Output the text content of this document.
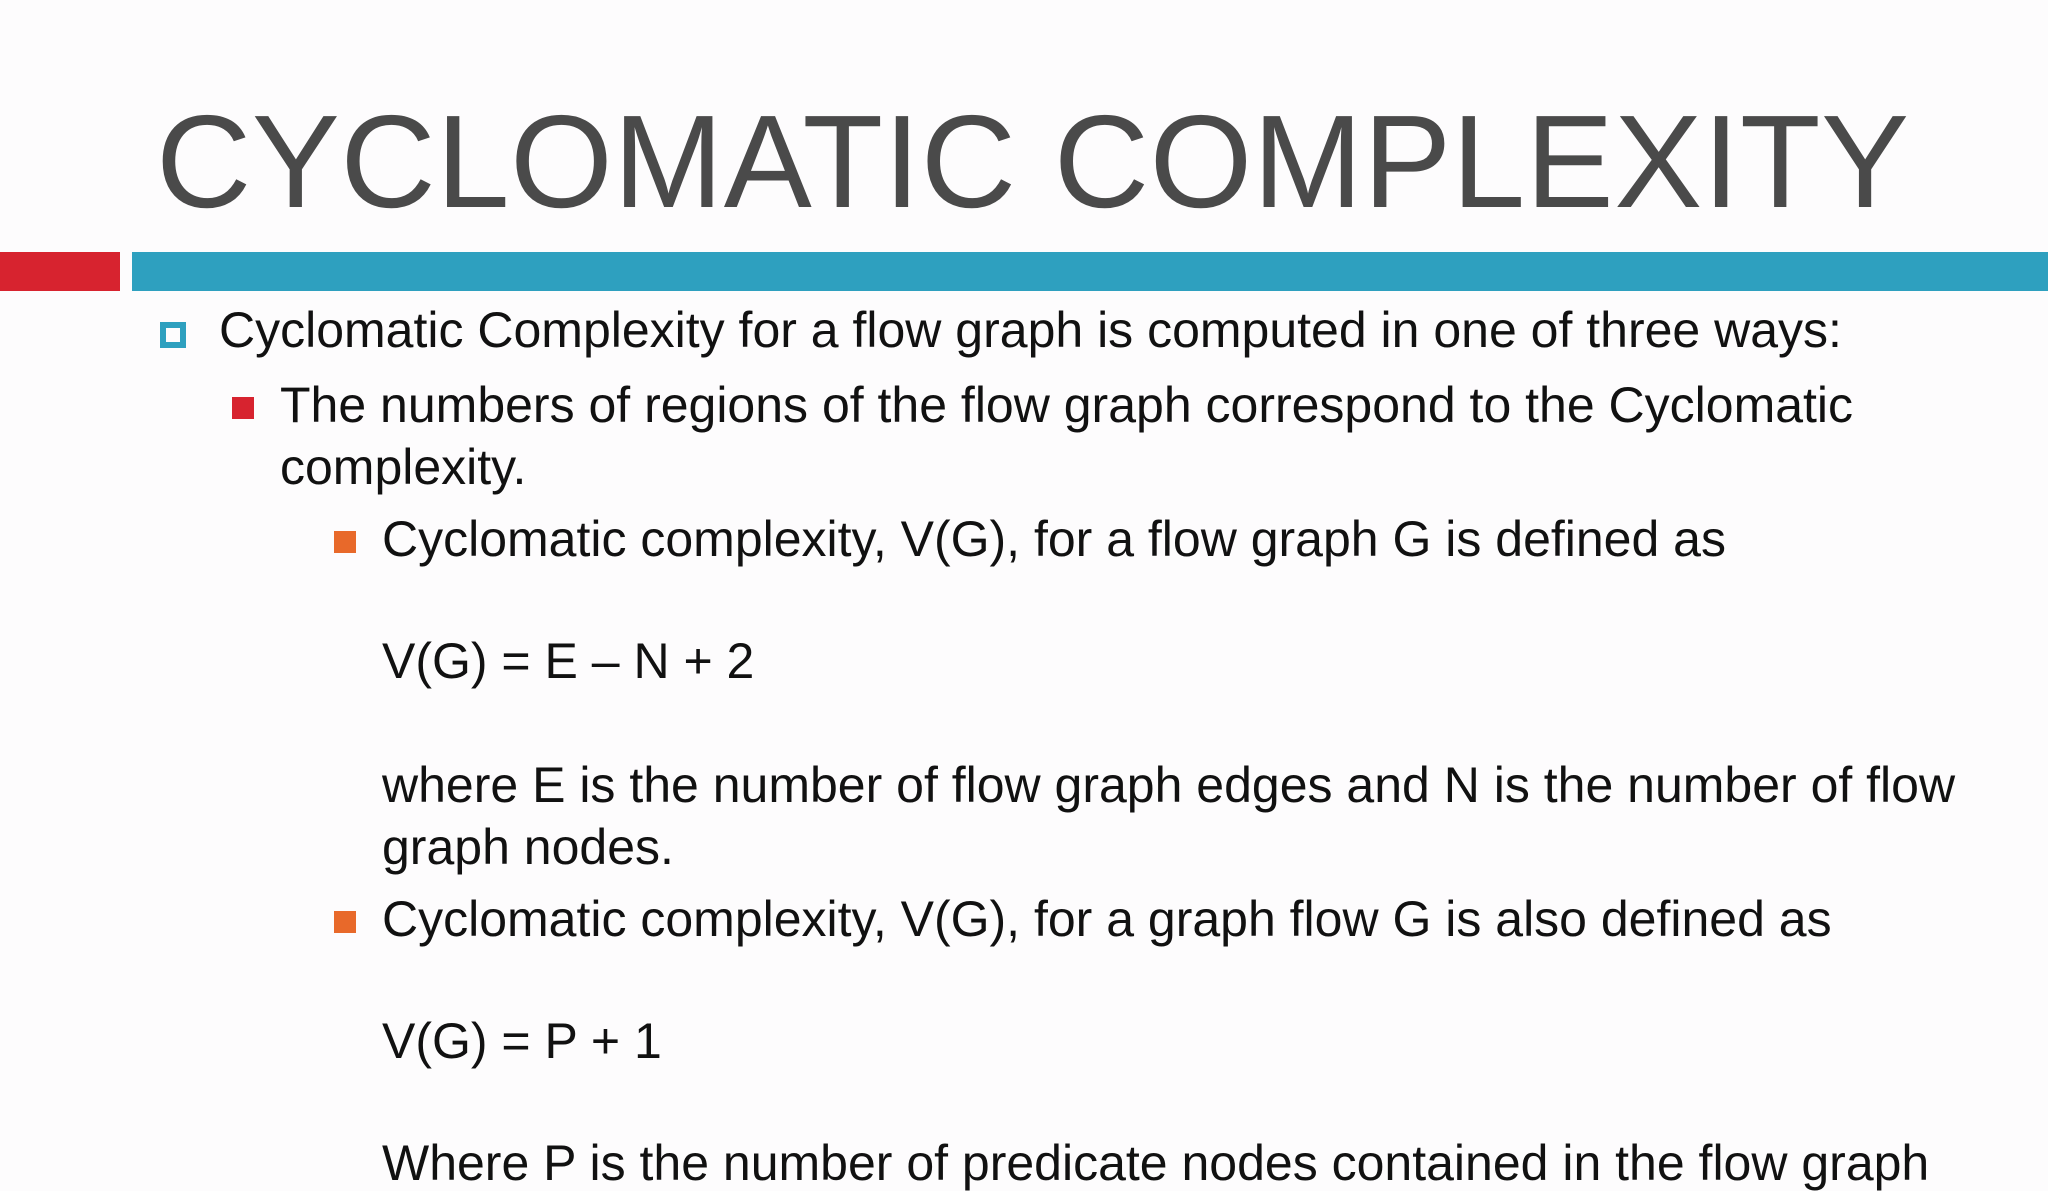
CYCLOMATIC COMPLEXITY

Cyclomatic Complexity for a flow graph is computed in one of three ways:

The numbers of regions of the flow graph correspond to the Cyclomatic

complexity.

Cyclomatic complexity, V(G), for a flow graph G is defined as

V(G) = E – N + 2

where E is the number of flow graph edges and N is the number of flow

graph nodes.

Cyclomatic complexity, V(G), for a graph flow G is also defined as

V(G) = P + 1

Where P is the number of predicate nodes contained in the flow graph
